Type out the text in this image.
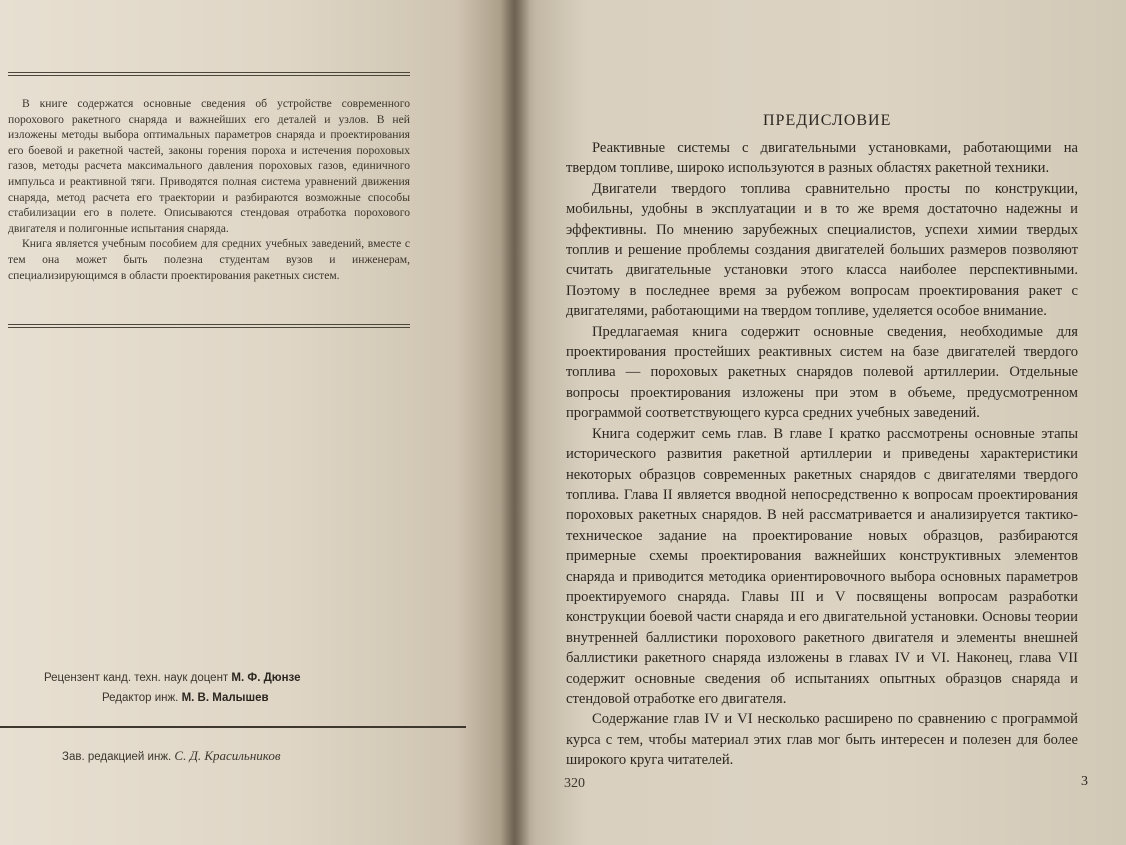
В книге содержатся основные сведения об устройстве современного порохового ракетного снаряда и важнейших его деталей и узлов. В ней изложены методы выбора оптимальных параметров снаряда и проектирования его боевой и ракетной частей, законы горения пороха и истечения пороховых газов, методы расчета максимального давления пороховых газов, единичного импульса и реактивной тяги. Приводятся полная система уравнений движения снаряда, метод расчета его траектории и разбираются возможные способы стабилизации его в полете. Описываются стендовая отработка порохового двигателя и полигонные испытания снаряда.

Книга является учебным пособием для средних учебных заведений, вместе с тем она может быть полезна студентам вузов и инженерам, специализирующимся в области проектирования ракетных систем.

Рецензент канд. техн. наук доцент М. Ф. Дюнзе
Редактор инж. М. В. Малышев
Зав. редакцией инж. С. Д. Красильников
320
ПРЕДИСЛОВИЕ

Реактивные системы с двигательными установками, работающими на твердом топливе, широко используются в разных областях ракетной техники.

Двигатели твердого топлива сравнительно просты по конструкции, мобильны, удобны в эксплуатации и в то же время достаточно надежны и эффективны. По мнению зарубежных специалистов, успехи химии твердых топлив и решение проблемы создания двигателей больших размеров позволяют считать двигательные установки этого класса наиболее перспективными. Поэтому в последнее время за рубежом вопросам проектирования ракет с двигателями, работающими на твердом топливе, уделяется особое внимание.

Предлагаемая книга содержит основные сведения, необходимые для проектирования простейших реактивных систем на базе двигателей твердого топлива — пороховых ракетных снарядов полевой артиллерии. Отдельные вопросы проектирования изложены при этом в объеме, предусмотренном программой соответствующего курса средних учебных заведений.

Книга содержит семь глав. В главе I кратко рассмотрены основные этапы исторического развития ракетной артиллерии и приведены характеристики некоторых образцов современных ракетных снарядов с двигателями твердого топлива. Глава II является вводной непосредственно к вопросам проектирования пороховых ракетных снарядов. В ней рассматривается и анализируется тактико-техническое задание на проектирование новых образцов, разбираются примерные схемы проектирования важнейших конструктивных элементов снаряда и приводится методика ориентировочного выбора основных параметров проектируемого снаряда. Главы III и V посвящены вопросам разработки конструкции боевой части снаряда и его двигательной установки. Основы теории внутренней баллистики порохового ракетного двигателя и элементы внешней баллистики ракетного снаряда изложены в главах IV и VI. Наконец, глава VII содержит основные сведения об испытаниях опытных образцов снаряда и стендовой отработке его двигателя.

Содержание глав IV и VI несколько расширено по сравнению с программой курса с тем, чтобы материал этих глав мог быть интересен и полезен для более широкого круга читателей.

3
